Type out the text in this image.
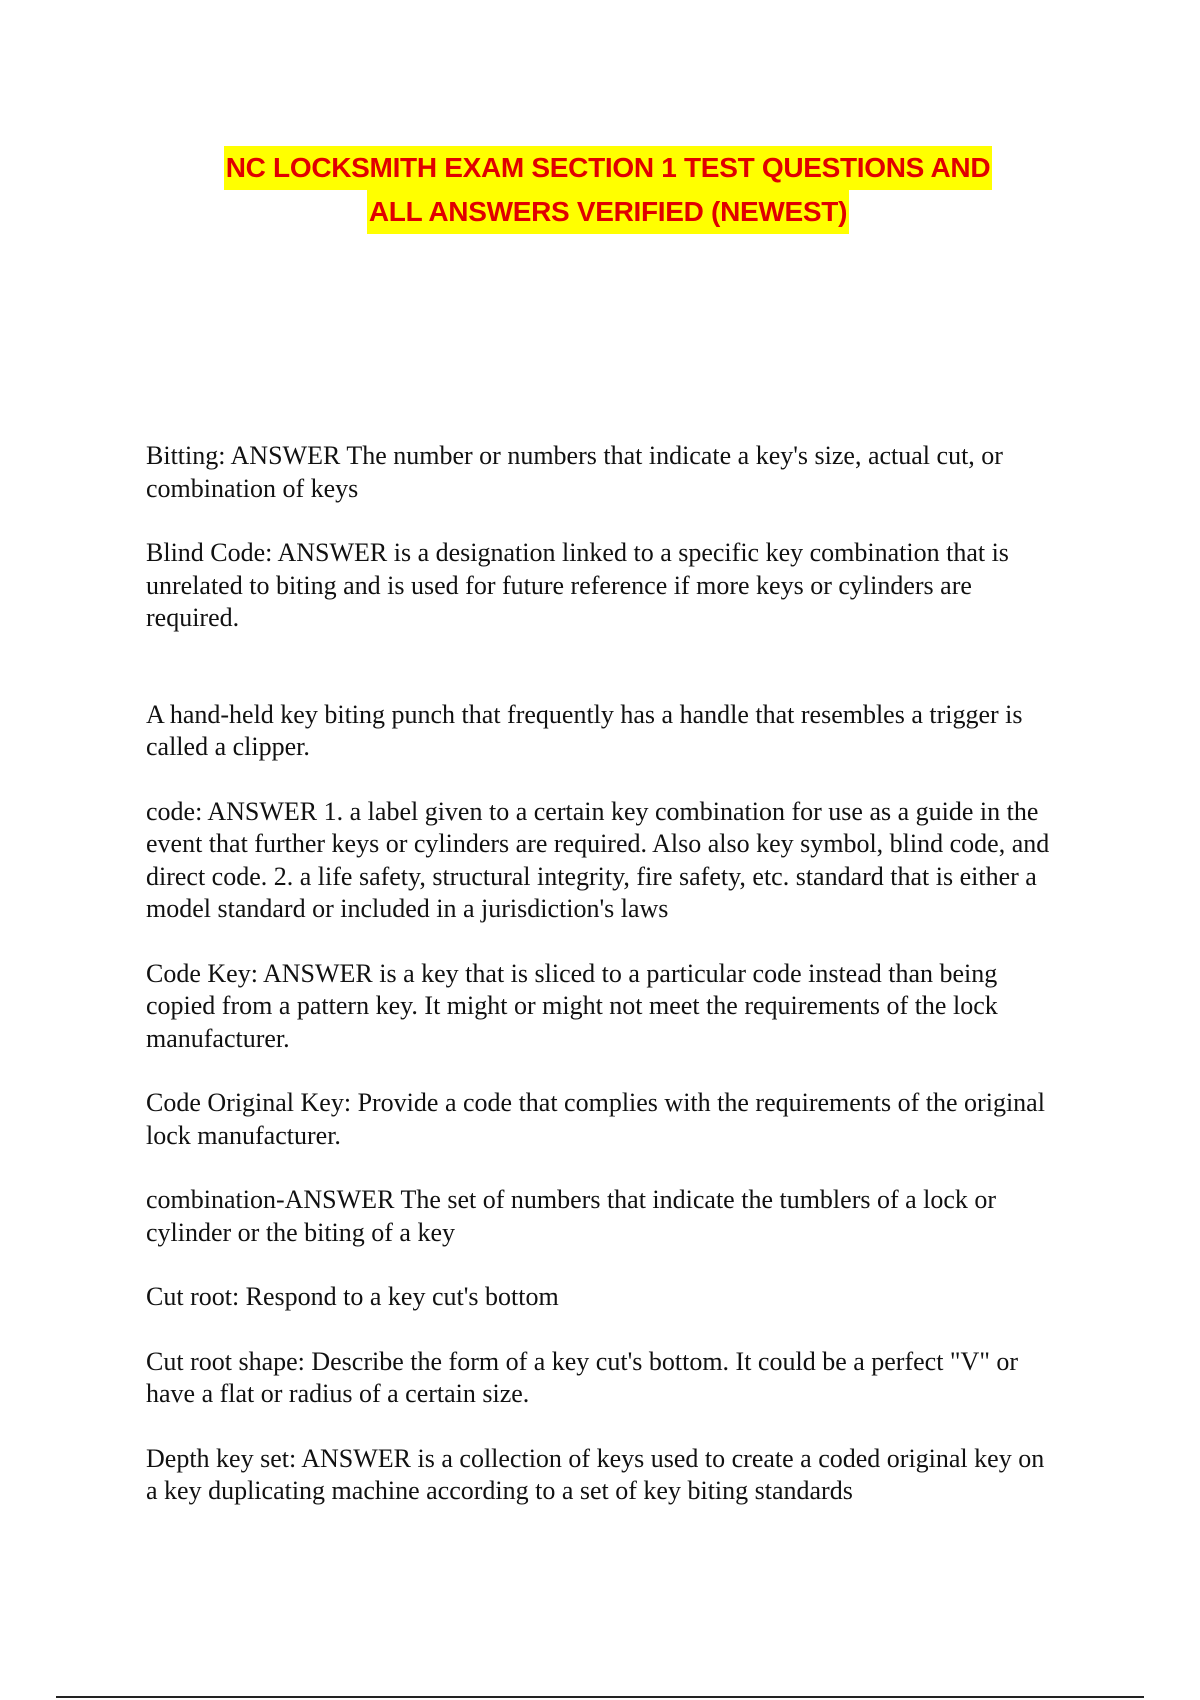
NC LOCKSMITH EXAM SECTION 1 TEST QUESTIONS AND
ALL ANSWERS VERIFIED (NEWEST)

Bitting: ANSWER The number or numbers that indicate a key's size, actual cut, or combination of keys

Blind Code: ANSWER is a designation linked to a specific key combination that is unrelated to biting and is used for future reference if more keys or cylinders are required.

A hand-held key biting punch that frequently has a handle that resembles a trigger is called a clipper.

code: ANSWER 1. a label given to a certain key combination for use as a guide in the event that further keys or cylinders are required. Also also key symbol, blind code, and direct code. 2. a life safety, structural integrity, fire safety, etc. standard that is either a model standard or included in a jurisdiction's laws

Code Key: ANSWER is a key that is sliced to a particular code instead than being copied from a pattern key. It might or might not meet the requirements of the lock manufacturer.

Code Original Key: Provide a code that complies with the requirements of the original lock manufacturer.

combination-ANSWER The set of numbers that indicate the tumblers of a lock or cylinder or the biting of a key

Cut root: Respond to a key cut's bottom

Cut root shape: Describe the form of a key cut's bottom. It could be a perfect "V" or have a flat or radius of a certain size.

Depth key set: ANSWER is a collection of keys used to create a coded original key on a key duplicating machine according to a set of key biting standards
